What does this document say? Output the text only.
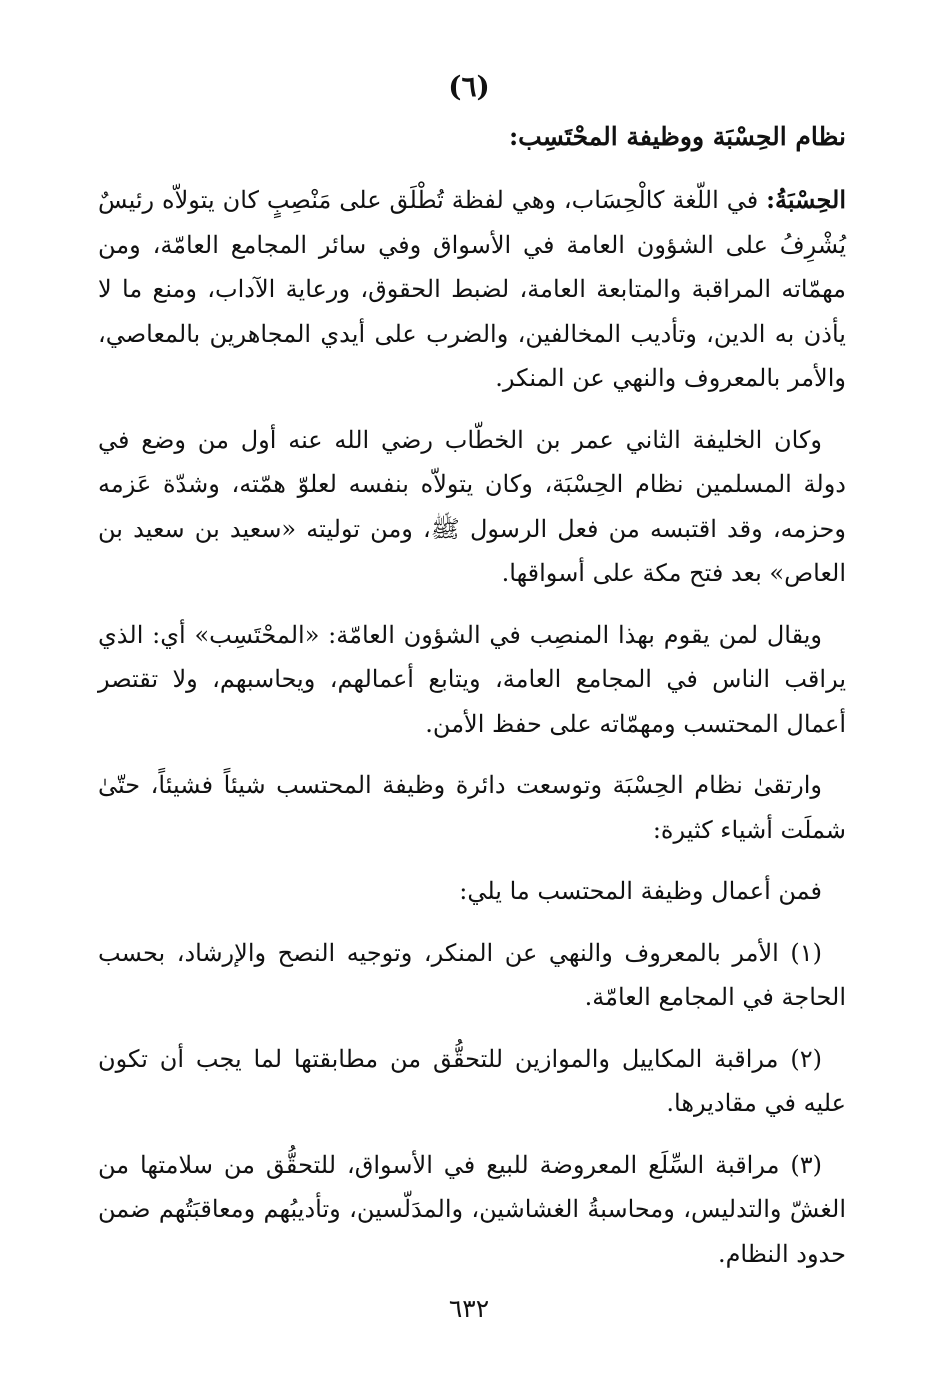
(٦)
نظام الحِسْبَة ووظيفة المحْتَسِب:

الحِسْبَةُ: في اللّغة كالْحِسَاب، وهي لفظة تُطْلَق على مَنْصِبٍ كان يتولاّه رئيسٌ يُشْرِفُ على الشؤون العامة في الأسواق وفي سائر المجامع العامّة، ومن مهمّاته المراقبة والمتابعة العامة، لضبط الحقوق، ورعاية الآداب، ومنع ما لا يأذن به الدين، وتأديب المخالفين، والضرب على أيدي المجاهرين بالمعاصي، والأمر بالمعروف والنهي عن المنكر.

وكان الخليفة الثاني عمر بن الخطّاب رضي الله عنه أول من وضع في دولة المسلمين نظام الحِسْبَة، وكان يتولاّه بنفسه لعلوّ همّته، وشدّة عَزمه وحزمه، وقد اقتبسه من فعل الرسول ﷺ، ومن توليته «سعيد بن سعيد بن العاص» بعد فتح مكة على أسواقها.

ويقال لمن يقوم بهذا المنصِب في الشؤون العامّة: «المحْتَسِب» أي: الذي يراقب الناس في المجامع العامة، ويتابع أعمالهم، ويحاسبهم، ولا تقتصر أعمال المحتسب ومهمّاته على حفظ الأمن.

وارتقىٰ نظام الحِسْبَة وتوسعت دائرة وظيفة المحتسب شيئاً فشيئاً، حتّىٰ شملَت أشياء كثيرة:

فمن أعمال وظيفة المحتسب ما يلي:

(١) الأمر بالمعروف والنهي عن المنكر، وتوجيه النصح والإرشاد، بحسب الحاجة في المجامع العامّة.

(٢) مراقبة المكاييل والموازين للتحقُّق من مطابقتها لما يجب أن تكون عليه في مقاديرها.

(٣) مراقبة السِّلَع المعروضة للبيع في الأسواق، للتحقُّق من سلامتها من الغشّ والتدليس، ومحاسبةُ الغشاشين، والمدَلّسين، وتأديبُهم ومعاقبَتُهم ضمن حدود النظام.

٦٣٢
